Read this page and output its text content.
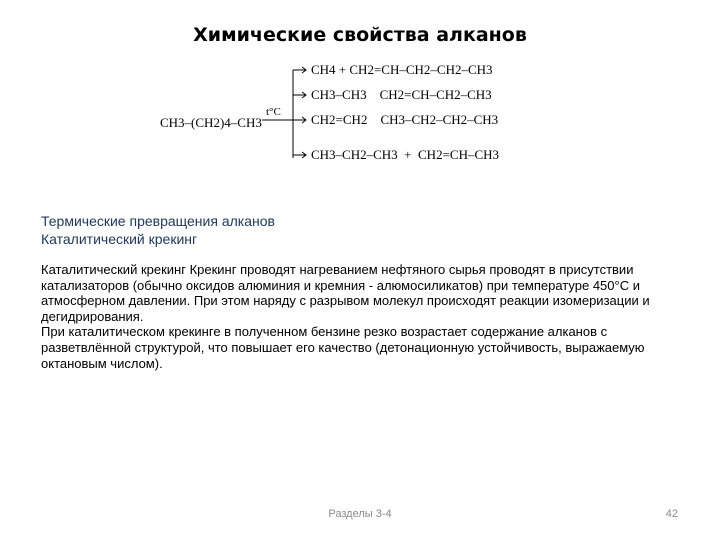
Химические свойства алканов
CH3–(CH2)4–CH3
t°C
CH4 + CH2=CH–CH2–CH2–CH3
CH3–CH3    CH2=CH–CH2–CH3
CH2=CH2    CH3–CH2–CH2–CH3
CH3–CH2–CH3  +  CH2=CH–CH3
Термические превращения алканов
Каталитический крекинг

Каталитический крекинг Крекинг проводят нагреванием нефтяного сырья проводят в присутствии катализаторов (обычно оксидов алюминия и кремния - алюмосиликатов) при температуре 450°С и атмосферном давлении. При этом наряду с разрывом молекул происходят реакции изомеризации и дегидрирования.

При каталитическом крекинге в полученном бензине резко возрастает содержание алканов с разветвлённой структурой, что повышает его качество (детонационную устойчивость, выражаемую октановым числом).

Разделы 3-4	42
